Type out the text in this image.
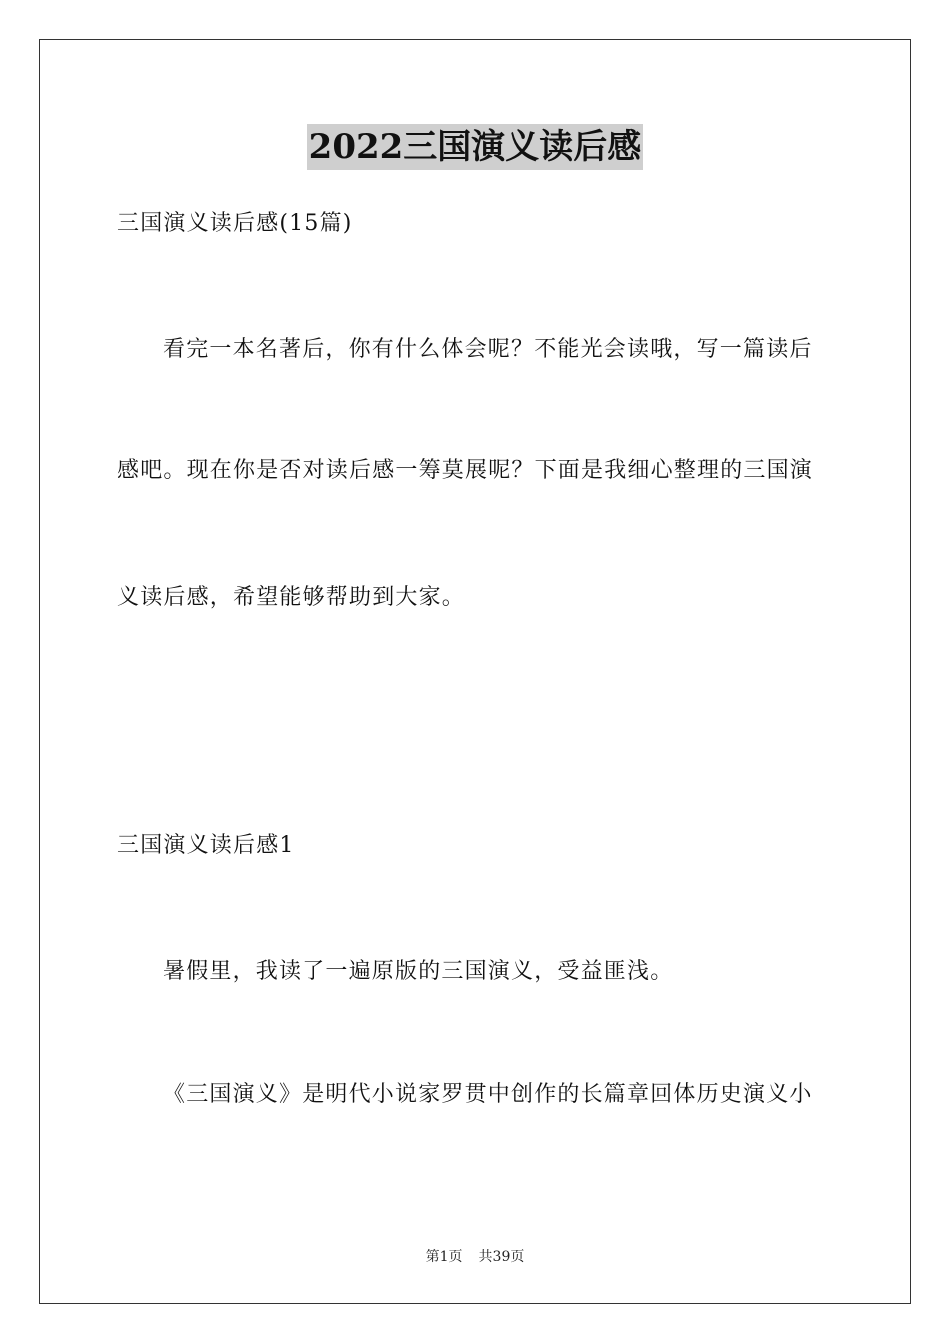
2022三国演义读后感
三国演义读后感(15篇)
看完一本名著后，你有什么体会呢？不能光会读哦，写一篇读后
感吧。现在你是否对读后感一筹莫展呢？下面是我细心整理的三国演
义读后感，希望能够帮助到大家。
三国演义读后感1
暑假里，我读了一遍原版的三国演义，受益匪浅。
《三国演义》是明代小说家罗贯中创作的长篇章回体历史演义小
第1页 共39页
